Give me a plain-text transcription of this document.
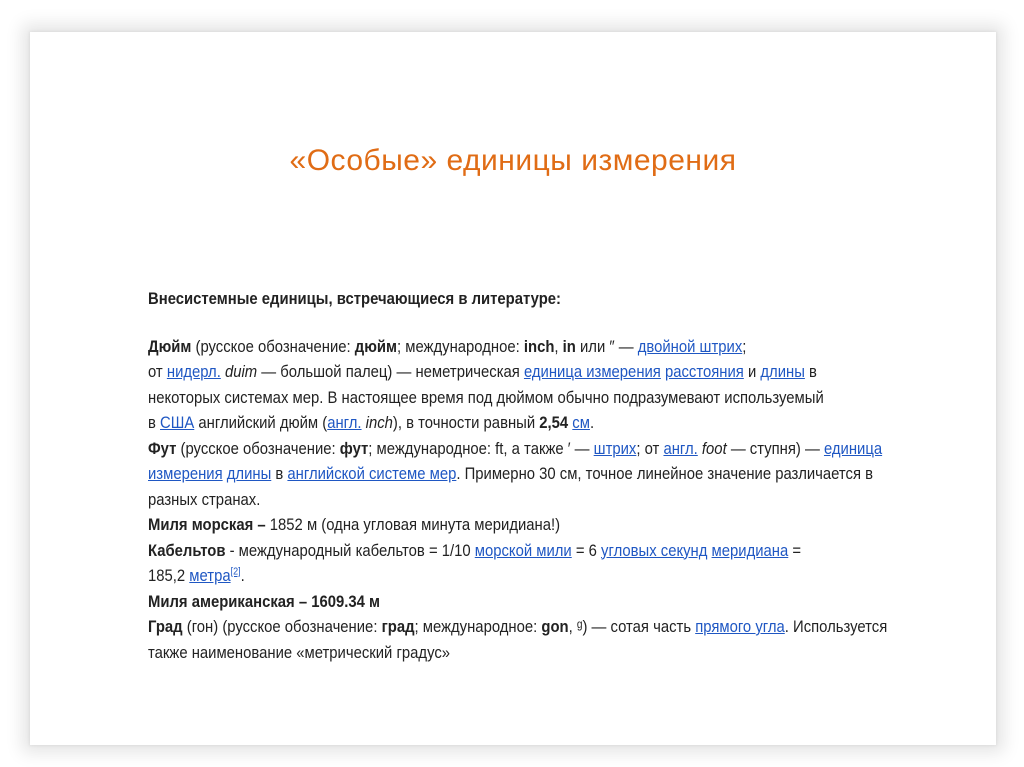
«Особые» единицы измерения
Внесистемные единицы, встречающиеся в литературе:
Дюйм (русское обозначение: дюйм; международное: inch, in или ″ — двойной штрих;
от нидерл. duim — большой палец) — неметрическая единица измерения расстояния и длины в
некоторых системах мер. В настоящее время под дюймом обычно подразумевают используемый
в США английский дюйм (англ. inch), в точности равный 2,54 см.
Фут (русское обозначение: фут; международное: ft, а также ′ — штрих; от англ. foot — ступня) — единица
измерения длины в английской системе мер. Примерно 30 см, точное линейное значение различается в
разных странах.
Миля морская – 1852 м (одна угловая минута меридиана!)
Кабельтов - международный кабельтов = 1/10 морской мили = 6 угловых секунд меридиана =
185,2 метра[2].
Миля американская – 1609.34 м
Град (гон) (русское обозначение: град; международное: gon, ᵍ) — сотая часть прямого угла. Используется
также наименование «метрический градус»
